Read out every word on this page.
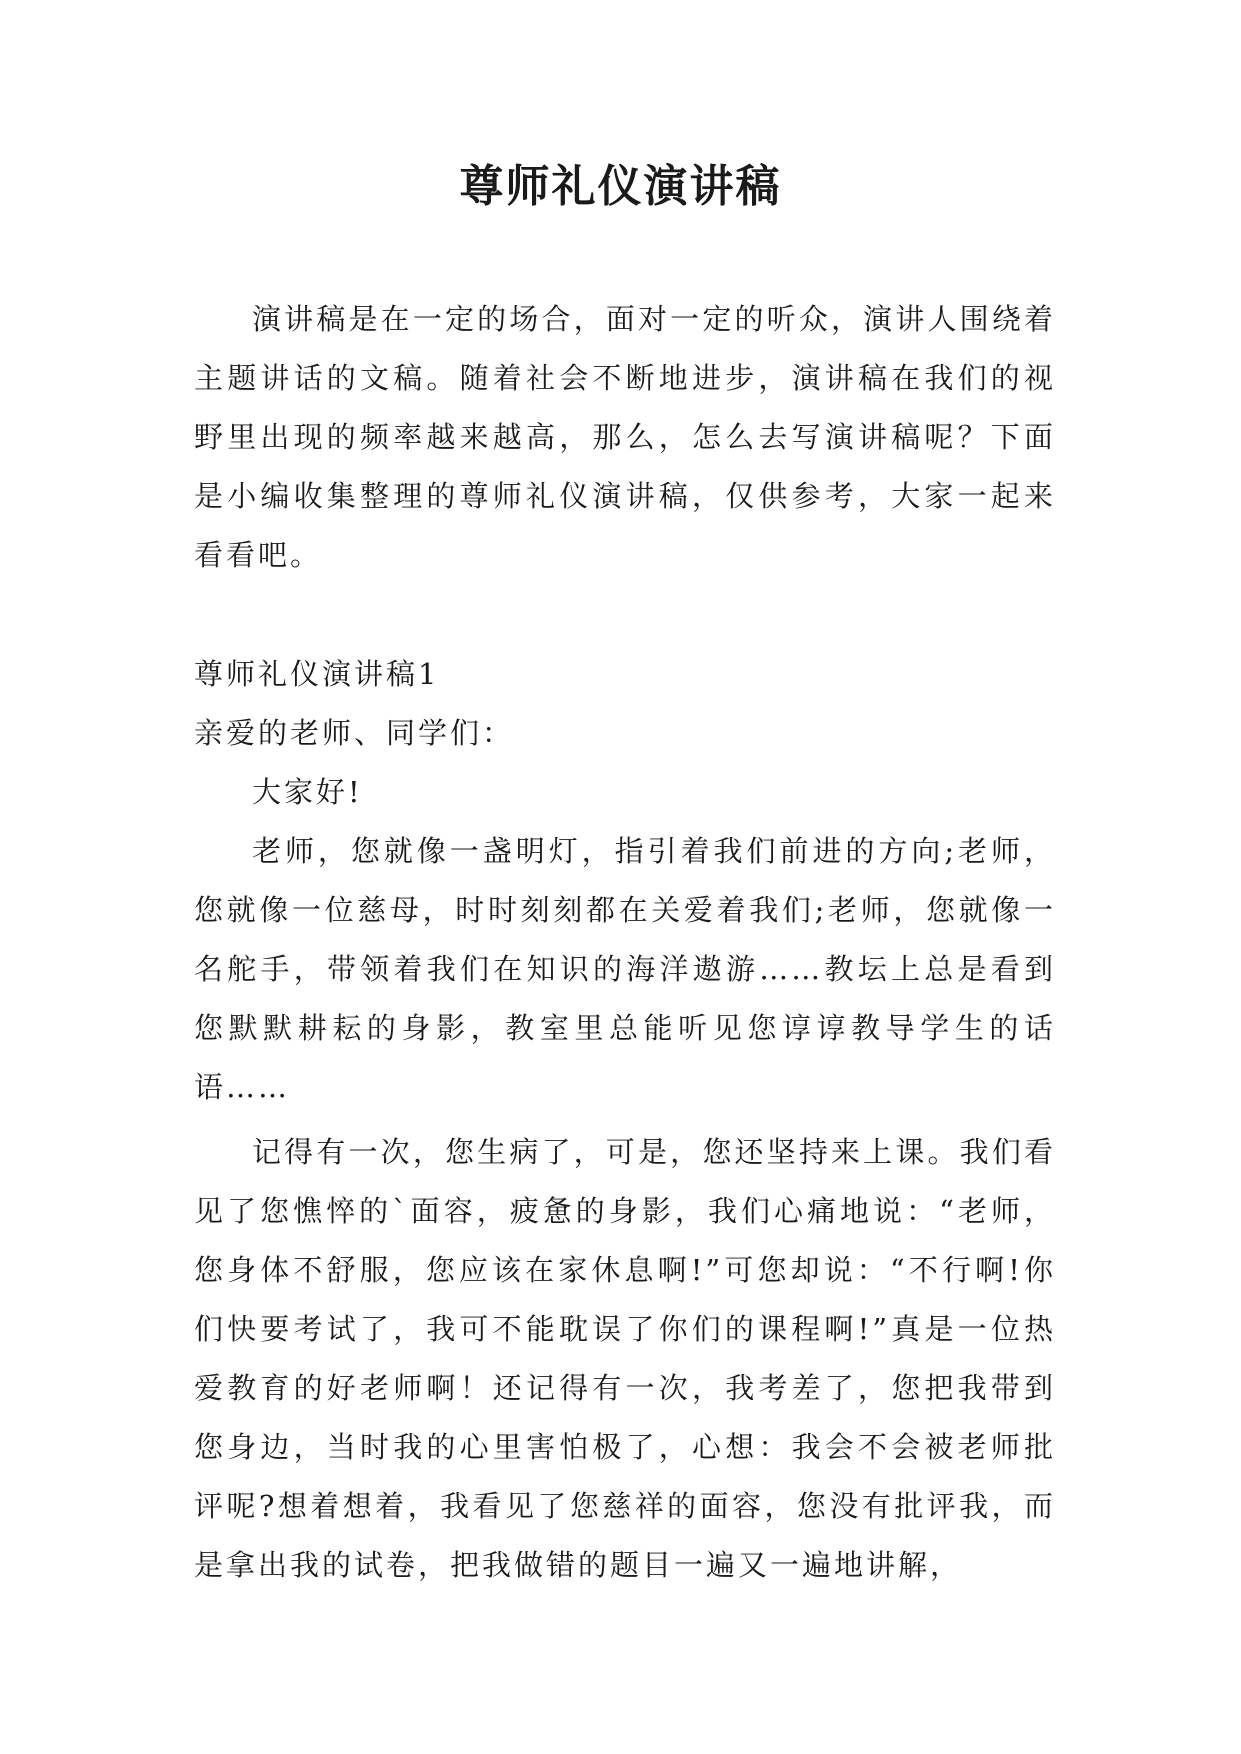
尊师礼仪演讲稿

演讲稿是在一定的场合，面对一定的听众，演讲人围绕着主题讲话的文稿。随着社会不断地进步，演讲稿在我们的视野里出现的频率越来越高，那么，怎么去写演讲稿呢？下面是小编收集整理的尊师礼仪演讲稿，仅供参考，大家一起来看看吧。

尊师礼仪演讲稿1

亲爱的老师、同学们：

大家好!

老师，您就像一盏明灯，指引着我们前进的方向;老师，您就像一位慈母，时时刻刻都在关爱着我们;老师，您就像一名舵手，带领着我们在知识的海洋遨游……教坛上总是看到您默默耕耘的身影，教室里总能听见您谆谆教导学生的话语……

记得有一次，您生病了，可是，您还坚持来上课。我们看见了您憔悴的`面容，疲惫的身影，我们心痛地说：“老师，您身体不舒服，您应该在家休息啊!”可您却说：“不行啊!你们快要考试了，我可不能耽误了你们的课程啊!”真是一位热爱教育的好老师啊！还记得有一次，我考差了，您把我带到您身边，当时我的心里害怕极了，心想：我会不会被老师批评呢?想着想着，我看见了您慈祥的面容，您没有批评我，而是拿出我的试卷，把我做错的题目一遍又一遍地讲解，
